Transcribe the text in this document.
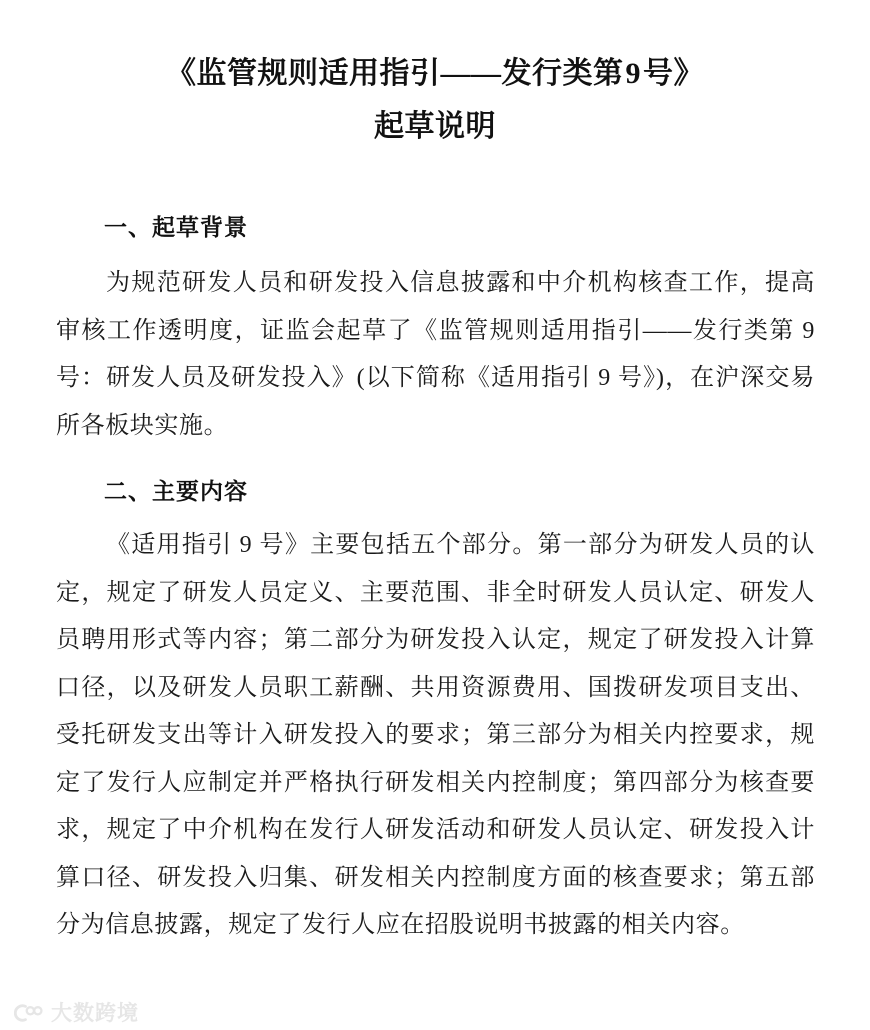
《监管规则适用指引——发行类第9号》
起草说明
一、起草背景

为规范研发人员和研发投入信息披露和中介机构核查工作，提高审核工作透明度，证监会起草了《监管规则适用指引——发行类第 9 号：研发人员及研发投入》(以下简称《适用指引 9 号》)，在沪深交易所各板块实施。

二、主要内容

《适用指引 9 号》主要包括五个部分。第一部分为研发人员的认定，规定了研发人员定义、主要范围、非全时研发人员认定、研发人员聘用形式等内容；第二部分为研发投入认定，规定了研发投入计算口径，以及研发人员职工薪酬、共用资源费用、国拨研发项目支出、受托研发支出等计入研发投入的要求；第三部分为相关内控要求，规定了发行人应制定并严格执行研发相关内控制度；第四部分为核查要求，规定了中介机构在发行人研发活动和研发人员认定、研发投入计算口径、研发投入归集、研发相关内控制度方面的核查要求；第五部分为信息披露，规定了发行人应在招股说明书披露的相关内容。

大数跨境
